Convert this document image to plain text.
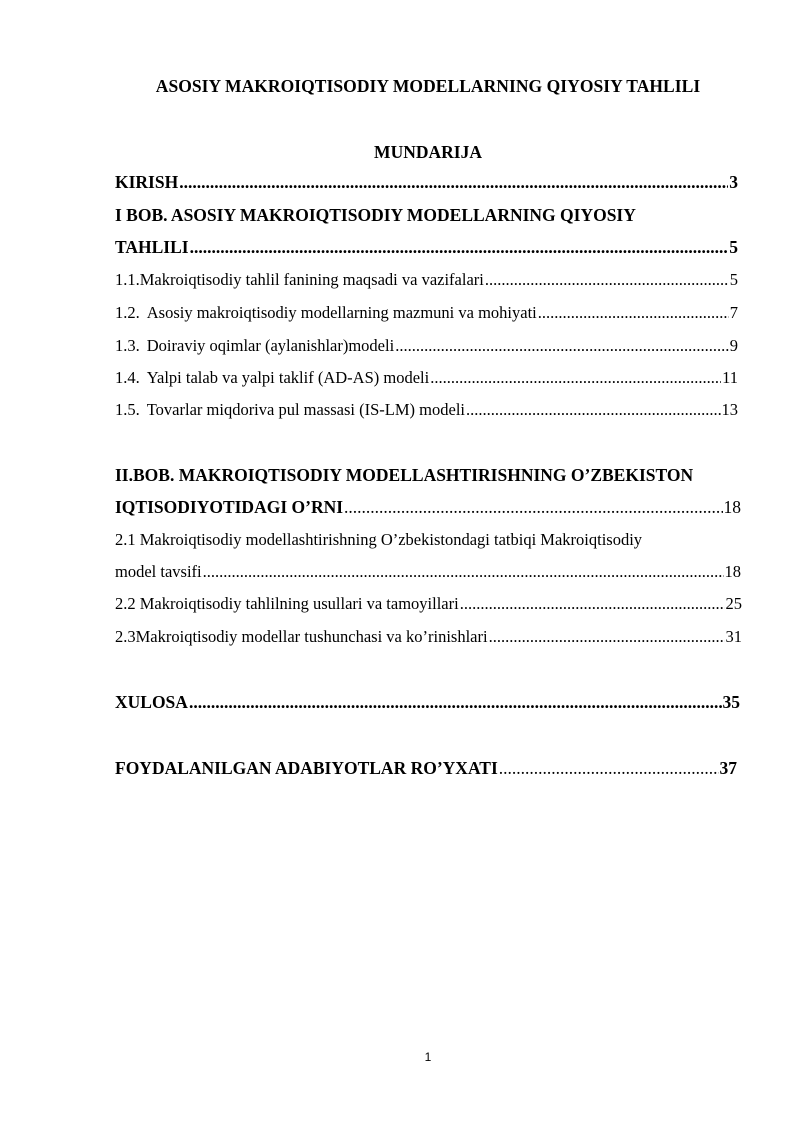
ASOSIY MAKROIQTISODIY MODELLARNING QIYOSIY TAHLILI
MUNDARIJA
KIRISH .....	3
I BOB. ASOSIY MAKROIQTISODIY MODELLARNING QIYOSIY
TAHLILI .....	5
1.1.Makroiqtisodiy tahlil fanining maqsadi va vazifalari .....	5
1.2. Asosiy makroiqtisodiy modellarning mazmuni va mohiyati .....	7
1.3. Doiraviy oqimlar (aylanishlar)modeli .....	9
1.4. Yalpi talab va yalpi taklif (AD-AS) modeli .....	11
1.5. Tovarlar miqdoriva pul massasi (IS-LM) modeli .....	13
II.BOB. MAKROIQTISODIY MODELLASHTIRISHNING O’ZBEKISTON
IQTISODIYOTIDAGI O’RNI .....	18
2.1 Makroiqtisodiy modellashtirishning O’zbekistondagi tatbiqi Makroiqtisodiy
model tavsifi .....	18
2.2 Makroiqtisodiy tahlilning usullari va tamoyillari .....	25
2.3Makroiqtisodiy modellar tushunchasi va ko’rinishlari .....	31
XULOSA .....	35
FOYDALANILGAN ADABIYOTLAR RO’YXATI .....	37
1
